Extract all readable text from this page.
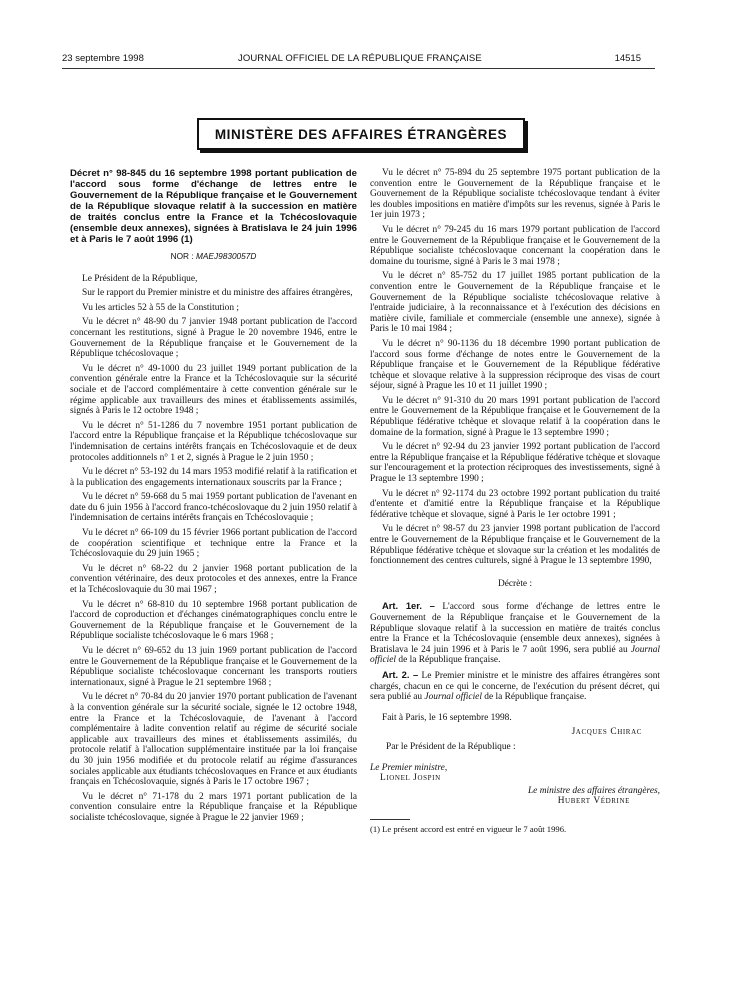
23 septembre 1998	JOURNAL OFFICIEL DE LA RÉPUBLIQUE FRANÇAISE	14515
MINISTÈRE DES AFFAIRES ÉTRANGÈRES
Décret n° 98-845 du 16 septembre 1998 portant publication de l'accord sous forme d'échange de lettres entre le Gouvernement de la République française et le Gouvernement de la République slovaque relatif à la succession en matière de traités conclus entre la France et la Tchécoslovaquie (ensemble deux annexes), signées à Bratislava le 24 juin 1996 et à Paris le 7 août 1996 (1)
NOR : MAEJ9830057D

Le Président de la République,

Sur le rapport du Premier ministre et du ministre des affaires étrangères,

Vu les articles 52 à 55 de la Constitution ;

Vu le décret n° 48-90 du 7 janvier 1948 portant publication de l'accord concernant les restitutions, signé à Prague le 20 novembre 1946, entre le Gouvernement de la République française et le Gouvernement de la République tchécoslovaque ;

Vu le décret n° 49-1000 du 23 juillet 1949 portant publication de la convention générale entre la France et la Tchécoslovaquie sur la sécurité sociale et de l'accord complémentaire à cette convention générale sur le régime applicable aux travailleurs des mines et établissements assimilés, signés à Paris le 12 octobre 1948 ;

Vu le décret n° 51-1286 du 7 novembre 1951 portant publication de l'accord entre la République française et la République tchécoslovaque sur l'indemnisation de certains intérêts français en Tchécoslovaquie et de deux protocoles additionnels n° 1 et 2, signés à Prague le 2 juin 1950 ;

Vu le décret n° 53-192 du 14 mars 1953 modifié relatif à la ratification et à la publication des engagements internationaux souscrits par la France ;

Vu le décret n° 59-668 du 5 mai 1959 portant publication de l'avenant en date du 6 juin 1956 à l'accord franco-tchécoslovaque du 2 juin 1950 relatif à l'indemnisation de certains intérêts français en Tchécoslovaquie ;

Vu le décret n° 66-109 du 15 février 1966 portant publication de l'accord de coopération scientifique et technique entre la France et la Tchécoslovaquie du 29 juin 1965 ;

Vu le décret n° 68-22 du 2 janvier 1968 portant publication de la convention vétérinaire, des deux protocoles et des annexes, entre la France et la Tchécoslovaquie du 30 mai 1967 ;

Vu le décret n° 68-810 du 10 septembre 1968 portant publication de l'accord de coproduction et d'échanges cinématographiques conclu entre le Gouvernement de la République française et le Gouvernement de la République socialiste tchécoslovaque le 6 mars 1968 ;

Vu le décret n° 69-652 du 13 juin 1969 portant publication de l'accord entre le Gouvernement de la République française et le Gouvernement de la République socialiste tchécoslovaque concernant les transports routiers internationaux, signé à Prague le 21 septembre 1968 ;

Vu le décret n° 70-84 du 20 janvier 1970 portant publication de l'avenant à la convention générale sur la sécurité sociale, signée le 12 octobre 1948, entre la France et la Tchécoslovaquie, de l'avenant à l'accord complémentaire à ladite convention relatif au régime de sécurité sociale applicable aux travailleurs des mines et établissements assimilés, du protocole relatif à l'allocation supplémentaire instituée par la loi française du 30 juin 1956 modifiée et du protocole relatif au régime d'assurances sociales applicable aux étudiants tchécoslovaques en France et aux étudiants français en Tchécoslovaquie, signés à Paris le 17 octobre 1967 ;

Vu le décret n° 71-178 du 2 mars 1971 portant publication de la convention consulaire entre la République française et la République socialiste tchécoslovaque, signée à Prague le 22 janvier 1969 ;

Vu le décret n° 75-894 du 25 septembre 1975 portant publication de la convention entre le Gouvernement de la République française et le Gouvernement de la République socialiste tchécoslovaque tendant à éviter les doubles impositions en matière d'impôts sur les revenus, signée à Paris le 1er juin 1973 ;

Vu le décret n° 79-245 du 16 mars 1979 portant publication de l'accord entre le Gouvernement de la République française et le Gouvernement de la République socialiste tchécoslovaque concernant la coopération dans le domaine du tourisme, signé à Paris le 3 mai 1978 ;

Vu le décret n° 85-752 du 17 juillet 1985 portant publication de la convention entre le Gouvernement de la République française et le Gouvernement de la République socialiste tchécoslovaque relative à l'entraide judiciaire, à la reconnaissance et à l'exécution des décisions en matière civile, familiale et commerciale (ensemble une annexe), signée à Paris le 10 mai 1984 ;

Vu le décret n° 90-1136 du 18 décembre 1990 portant publication de l'accord sous forme d'échange de notes entre le Gouvernement de la République française et le Gouvernement de la République fédérative tchèque et slovaque relative à la suppression réciproque des visas de court séjour, signé à Prague les 10 et 11 juillet 1990 ;

Vu le décret n° 91-310 du 20 mars 1991 portant publication de l'accord entre le Gouvernement de la République française et le Gouvernement de la République fédérative tchèque et slovaque relatif à la coopération dans le domaine de la formation, signé à Prague le 13 septembre 1990 ;

Vu le décret n° 92-94 du 23 janvier 1992 portant publication de l'accord entre la République française et la République fédérative tchèque et slovaque sur l'encouragement et la protection réciproques des investissements, signé à Prague le 13 septembre 1990 ;

Vu le décret n° 92-1174 du 23 octobre 1992 portant publication du traité d'entente et d'amitié entre la République française et la République fédérative tchèque et slovaque, signé à Paris le 1er octobre 1991 ;

Vu le décret n° 98-57 du 23 janvier 1998 portant publication de l'accord entre le Gouvernement de la République française et le Gouvernement de la République fédérative tchèque et slovaque sur la création et les modalités de fonctionnement des centres culturels, signé à Prague le 13 septembre 1990,

Décrète :

Art. 1er. – L'accord sous forme d'échange de lettres entre le Gouvernement de la République française et le Gouvernement de la République slovaque relatif à la succession en matière de traités conclus entre la France et la Tchécoslovaquie (ensemble deux annexes), signées à Bratislava le 24 juin 1996 et à Paris le 7 août 1996, sera publié au Journal officiel de la République française.

Art. 2. – Le Premier ministre et le ministre des affaires étrangères sont chargés, chacun en ce qui le concerne, de l'exécution du présent décret, qui sera publié au Journal officiel de la République française.

Fait à Paris, le 16 septembre 1998.

Jacques Chirac

Par le Président de la République :

Le Premier ministre,

Lionel Jospin

Le ministre des affaires étrangères,

Hubert Védrine

(1) Le présent accord est entré en vigueur le 7 août 1996.
